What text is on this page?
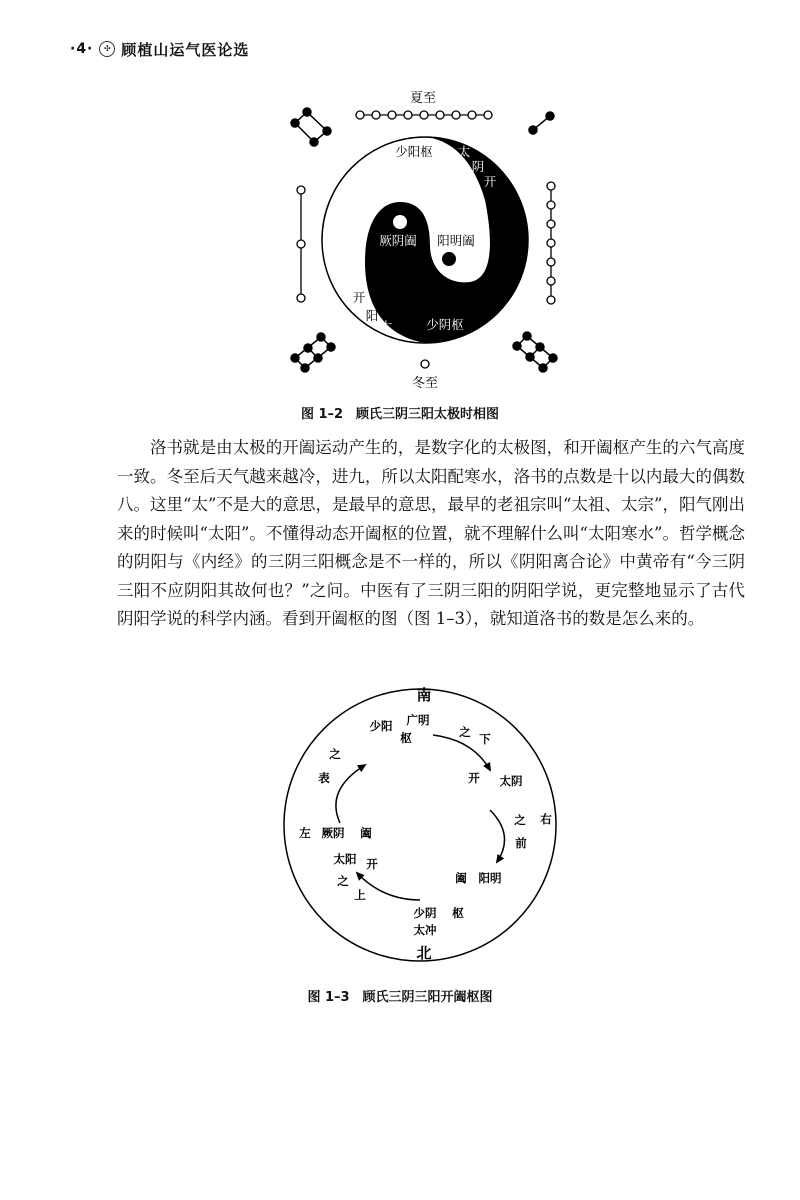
·4·	✣ 顾植山运气医论选
夏至
冬至
少阳枢 太
阴
开
厥阴阖 阳明阖
开
阳
太	少阴枢
图 1–2　顾氏三阴三阳太极时相图

洛书就是由太极的开阖运动产生的，是数字化的太极图，和开阖枢产生的六气高度一致。冬至后天气越来越冷，进九，所以太阳配寒水，洛书的点数是十以内最大的偶数八。这里“太”不是大的意思，是最早的意思，最早的老祖宗叫“太祖、太宗”，阳气刚出来的时候叫“太阳”。不懂得动态开阖枢的位置，就不理解什么叫“太阳寒水”。哲学概念的阴阳与《内经》的三阴三阳概念是不一样的，所以《阴阳离合论》中黄帝有“今三阴三阳不应阴阳其故何也？”之问。中医有了三阴三阳的阴阳学说，更完整地显示了古代阴阳学说的科学内涵。看到开阖枢的图（图 1–3），就知道洛书的数是怎么来的。

南
北
左
右
少阳 广明
枢	之 下
之
表	开 太阴
之
前
厥阴 阖
太阳 开
之
上
阖 阳明
少阴 枢
太冲
图 1–3　顾氏三阴三阳开阖枢图
